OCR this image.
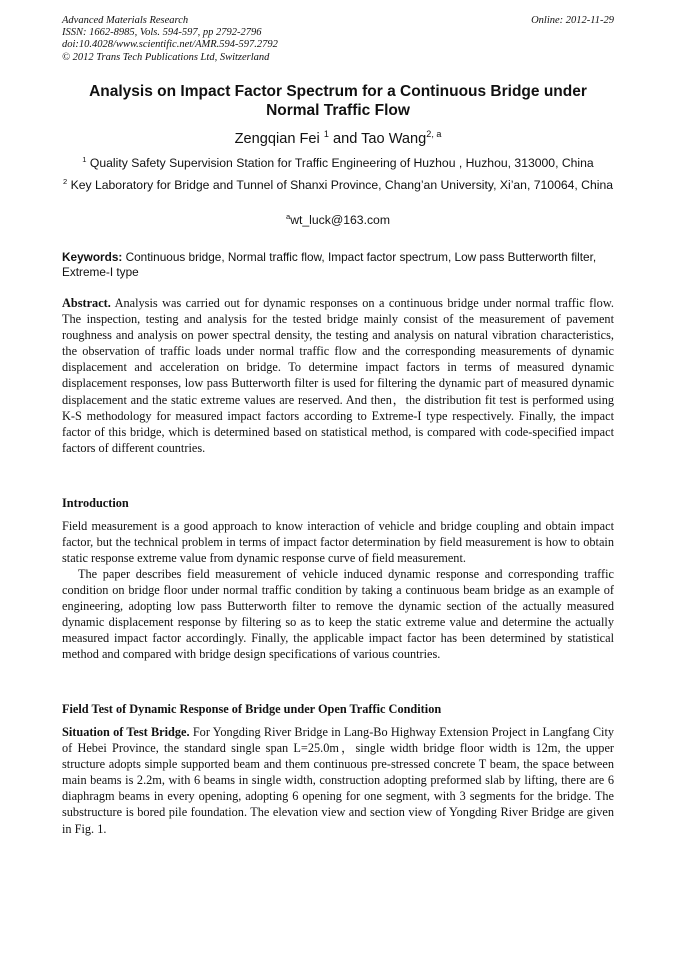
Advanced Materials Research
ISSN: 1662-8985, Vols. 594-597, pp 2792-2796
doi:10.4028/www.scientific.net/AMR.594-597.2792
© 2012 Trans Tech Publications Ltd, Switzerland
Online: 2012-11-29
Analysis on Impact Factor Spectrum for a Continuous Bridge under Normal Traffic Flow
Zengqian Fei $^1$ and Tao Wang$^{2, a}$
$^1$ Quality Safety Supervision Station for Traffic Engineering of Huzhou , Huzhou, 313000, China
$^2$ Key Laboratory for Bridge and Tunnel of Shanxi Province, Chang’an University, Xi’an, 710064, China
$^a$wt_luck@163.com
Keywords: Continuous bridge, Normal traffic flow, Impact factor spectrum, Low pass Butterworth filter, Extreme-I type

Abstract. Analysis was carried out for dynamic responses on a continuous bridge under normal traffic flow. The inspection, testing and analysis for the tested bridge mainly consist of the measurement of pavement roughness and analysis on power spectral density, the testing and analysis on natural vibration characteristics, the observation of traffic loads under normal traffic flow and the corresponding measurements of dynamic displacement and acceleration on bridge. To determine impact factors in terms of measured dynamic displacement responses, low pass Butterworth filter is used for filtering the dynamic part of measured dynamic displacement and the static extreme values are reserved. And then，the distribution fit test is performed using K-S methodology for measured impact factors according to Extreme-I type respectively. Finally, the impact factor of this bridge, which is determined based on statistical method, is compared with code-specified impact factors of different countries.

Introduction

Field measurement is a good approach to know interaction of vehicle and bridge coupling and obtain impact factor, but the technical problem in terms of impact factor determination by field measurement is how to obtain static response extreme value from dynamic response curve of field measurement.

The paper describes field measurement of vehicle induced dynamic response and corresponding traffic condition on bridge floor under normal traffic condition by taking a continuous beam bridge as an example of engineering, adopting low pass Butterworth filter to remove the dynamic section of the actually measured dynamic displacement response by filtering so as to keep the static extreme value and determine the actually measured impact factor accordingly. Finally, the applicable impact factor has been determined by statistical method and compared with bridge design specifications of various countries.

Field Test of Dynamic Response of Bridge under Open Traffic Condition

Situation of Test Bridge. For Yongding River Bridge in Lang-Bo Highway Extension Project in Langfang City of Hebei Province, the standard single span L=25.0m，single width bridge floor width is 12m, the upper structure adopts simple supported beam and them continuous pre-stressed concrete T beam, the space between main beams is 2.2m, with 6 beams in single width, construction adopting preformed slab by lifting, there are 6 diaphragm beams in every opening, adopting 6 opening for one segment, with 3 segments for the bridge. The substructure is bored pile foundation. The elevation view and section view of Yongding River Bridge are given in Fig. 1.
